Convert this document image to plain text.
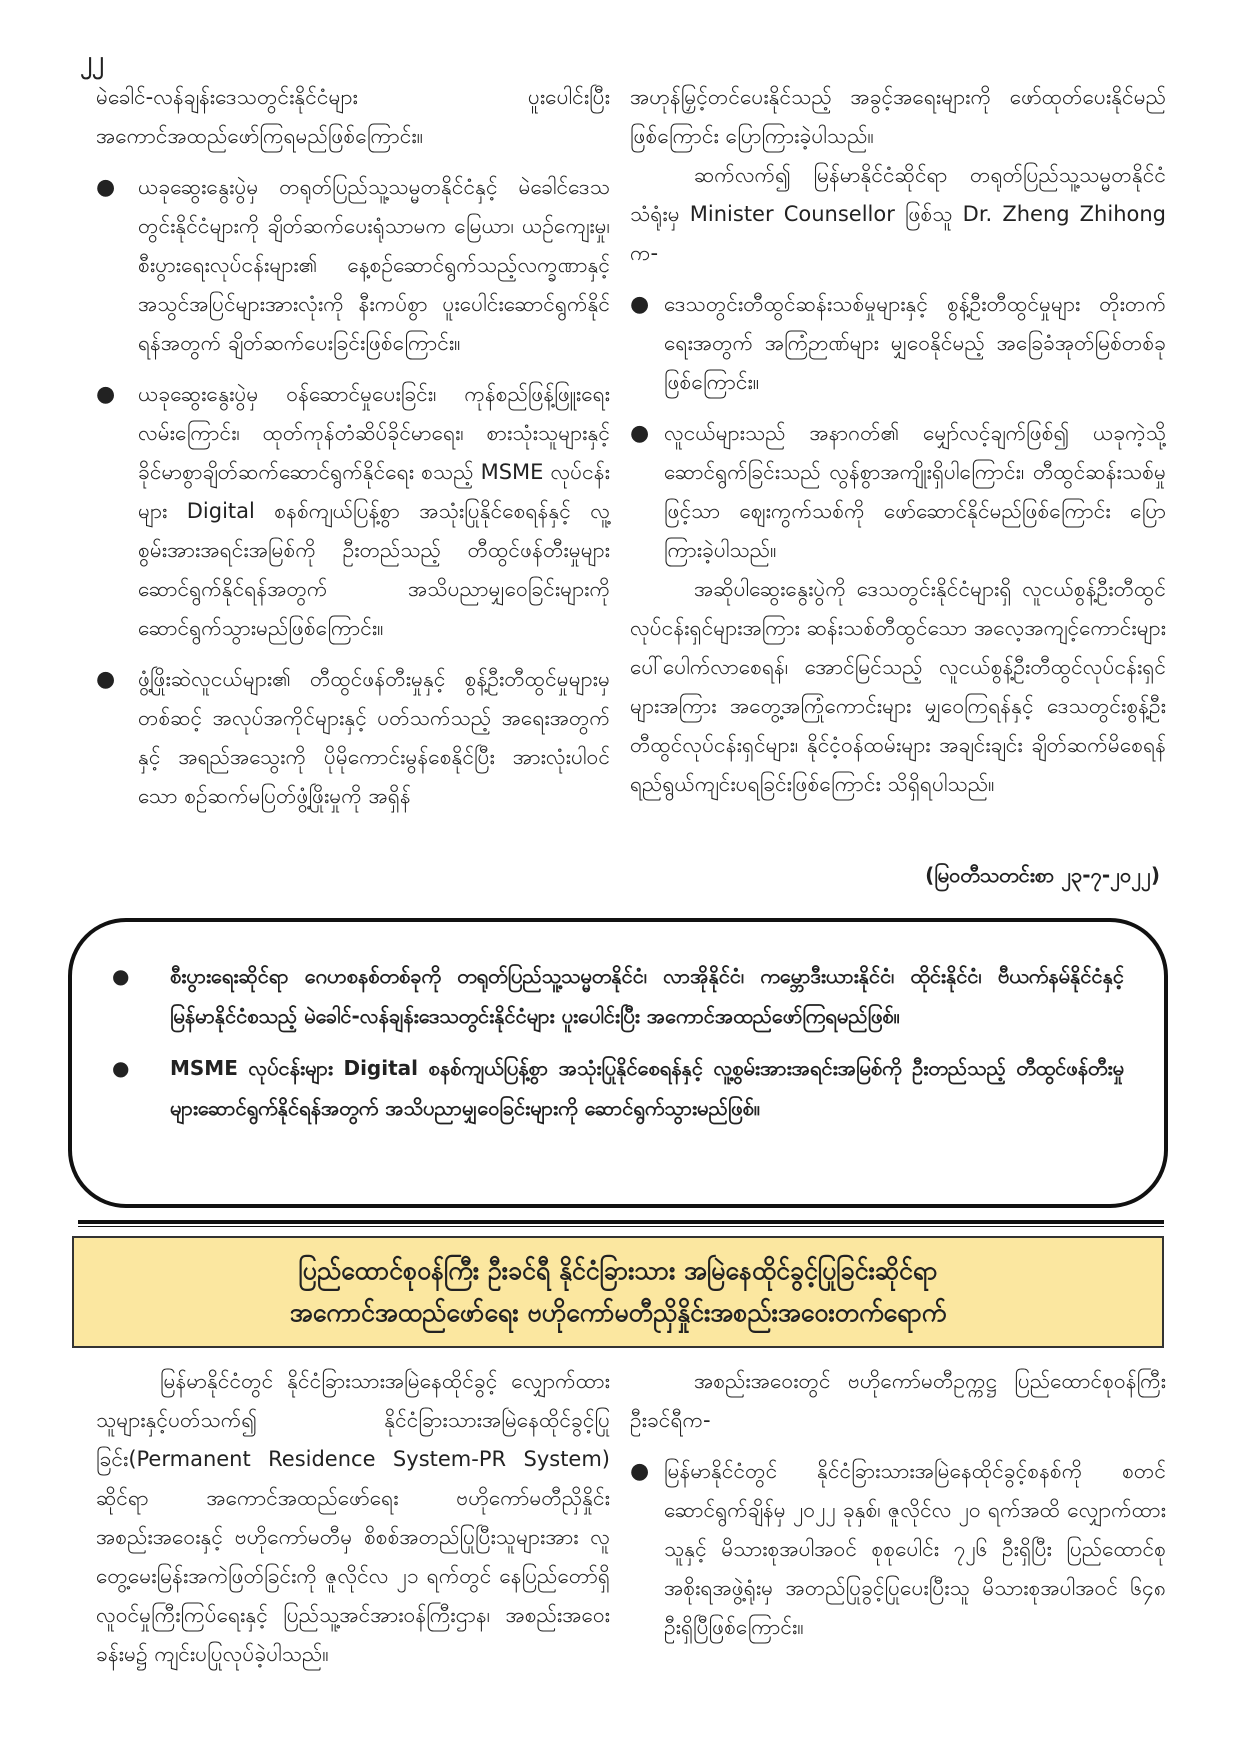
၂၂

မဲခေါင်-လန်ချန်းဒေသတွင်းနိုင်ငံများ ပူးပေါင်းပြီး အကောင်အထည်ဖော်ကြရမည်ဖြစ်ကြောင်း။

● ယခုဆွေးနွေးပွဲမှ တရုတ်ပြည်သူ့သမ္မတနိုင်ငံနှင့် မဲခေါင်ဒေသတွင်းနိုင်ငံများကို ချိတ်ဆက်ပေးရုံသာမက မြေယာ၊ ယဉ်ကျေးမှု၊ စီးပွားရေးလုပ်ငန်းများ၏ နေ့စဉ်ဆောင်ရွက်သည့်လက္ခဏာနှင့် အသွင်အပြင်များအားလုံးကို နီးကပ်စွာ ပူးပေါင်းဆောင်ရွက်နိုင်ရန်အတွက် ချိတ်ဆက်ပေးခြင်းဖြစ်ကြောင်း။
● ယခုဆွေးနွေးပွဲမှ ဝန်ဆောင်မှုပေးခြင်း၊ ကုန်စည်ဖြန့်ဖြူးရေးလမ်းကြောင်း၊ ထုတ်ကုန်တံဆိပ်ခိုင်မာရေး၊ စားသုံးသူများနှင့် ခိုင်မာစွာချိတ်ဆက်ဆောင်ရွက်နိုင်ရေး စသည့် MSME လုပ်ငန်းများ Digital စနစ်ကျယ်ပြန့်စွာ အသုံးပြုနိုင်စေရန်နှင့် လူ့စွမ်းအားအရင်းအမြစ်ကို ဦးတည်သည့် တီထွင်ဖန်တီးမှုများ ဆောင်ရွက်နိုင်ရန်အတွက် အသိပညာမျှဝေခြင်းများကို ဆောင်ရွက်သွားမည်ဖြစ်ကြောင်း။
● ဖွံ့ဖြိုးဆဲလူငယ်များ၏ တီထွင်ဖန်တီးမှုနှင့် စွန့်ဦးတီထွင်မှုများမှတစ်ဆင့် အလုပ်အကိုင်များနှင့် ပတ်သက်သည့် အရေးအတွက်နှင့် အရည်အသွေးကို ပိုမိုကောင်းမွန်စေနိုင်ပြီး အားလုံးပါဝင်သော စဉ်ဆက်မပြတ်ဖွံ့ဖြိုးမှုကို အရှိန်

အဟုန်မြှင့်တင်ပေးနိုင်သည့် အခွင့်အရေးများကို ဖော်ထုတ်ပေးနိုင်မည်ဖြစ်ကြောင်း ပြောကြားခဲ့ပါသည်။

ဆက်လက်၍ မြန်မာနိုင်ငံဆိုင်ရာ တရုတ်ပြည်သူ့သမ္မတနိုင်ငံသံရုံးမှ Minister Counsellor ဖြစ်သူ Dr. Zheng Zhihong က-

● ဒေသတွင်းတီထွင်ဆန်းသစ်မှုများနှင့် စွန့်ဦးတီထွင်မှုများ တိုးတက်ရေးအတွက် အကြံဉာဏ်များ မျှဝေနိုင်မည့် အခြေခံအုတ်မြစ်တစ်ခုဖြစ်ကြောင်း။
● လူငယ်များသည် အနာဂတ်၏ မျှော်လင့်ချက်ဖြစ်၍ ယခုကဲ့သို့ ဆောင်ရွက်ခြင်းသည် လွန်စွာအကျိုးရှိပါကြောင်း၊ တီထွင်ဆန်းသစ်မှုဖြင့်သာ ဈေးကွက်သစ်ကို ဖော်ဆောင်နိုင်မည်ဖြစ်ကြောင်း ပြောကြားခဲ့ပါသည်။

အဆိုပါဆွေးနွေးပွဲကို ဒေသတွင်းနိုင်ငံများရှိ လူငယ်စွန့်ဦးတီထွင်လုပ်ငန်းရှင်များအကြား ဆန်းသစ်တီထွင်သော အလေ့အကျင့်ကောင်းများ ပေါ်ပေါက်လာစေရန်၊ အောင်မြင်သည့် လူငယ်စွန့်ဦးတီထွင်လုပ်ငန်းရှင်များအကြား အတွေ့အကြုံကောင်းများ မျှဝေကြရန်နှင့် ဒေသတွင်းစွန့်ဦးတီထွင်လုပ်ငန်းရှင်များ၊ နိုင်ငံ့ဝန်ထမ်းများ အချင်းချင်း ချိတ်ဆက်မိစေရန် ရည်ရွယ်ကျင်းပရခြင်းဖြစ်ကြောင်း သိရှိရပါသည်။

(မြဝတီသတင်းစာ ၂၃-၇-၂၀၂၂)
● စီးပွားရေးဆိုင်ရာ ဂေဟစနစ်တစ်ခုကို တရုတ်ပြည်သူ့သမ္မတနိုင်ငံ၊ လာအိုနိုင်ငံ၊ ကမ္ဘောဒီးယားနိုင်ငံ၊ ထိုင်းနိုင်ငံ၊ ဗီယက်နမ်နိုင်ငံနှင့် မြန်မာနိုင်ငံစသည့် မဲခေါင်-လန်ချန်းဒေသတွင်းနိုင်ငံများ ပူးပေါင်းပြီး အကောင်အထည်ဖော်ကြရမည်ဖြစ်။
● MSME လုပ်ငန်းများ Digital စနစ်ကျယ်ပြန့်စွာ အသုံးပြုနိုင်စေရန်နှင့် လူ့စွမ်းအားအရင်းအမြစ်ကို ဦးတည်သည့် တီထွင်ဖန်တီးမှုများဆောင်ရွက်နိုင်ရန်အတွက် အသိပညာမျှဝေခြင်းများကို ဆောင်ရွက်သွားမည်ဖြစ်။
ပြည်ထောင်စုဝန်ကြီး ဦးခင်ရီ နိုင်ငံခြားသား အမြဲနေထိုင်ခွင့်ပြုခြင်းဆိုင်ရာ
အကောင်အထည်ဖော်ရေး ဗဟိုကော်မတီညှိနှိုင်းအစည်းအဝေးတက်ရောက်

မြန်မာနိုင်ငံတွင် နိုင်ငံခြားသားအမြဲနေထိုင်ခွင့် လျှောက်ထားသူများနှင့်ပတ်သက်၍ နိုင်ငံခြားသားအမြဲနေထိုင်ခွင့်ပြုခြင်း(Permanent Residence System-PR System) ဆိုင်ရာ အကောင်အထည်ဖော်ရေး ဗဟိုကော်မတီညှိနှိုင်းအစည်းအဝေးနှင့် ဗဟိုကော်မတီမှ စိစစ်အတည်ပြုပြီးသူများအား လူတွေ့မေးမြန်းအကဲဖြတ်ခြင်းကို ဇူလိုင်လ ၂၁ ရက်တွင် နေပြည်တော်ရှိ လူဝင်မှုကြီးကြပ်ရေးနှင့် ပြည်သူ့အင်အားဝန်ကြီးဌာန၊ အစည်းအဝေးခန်းမ၌ ကျင်းပပြုလုပ်ခဲ့ပါသည်။

အစည်းအဝေးတွင် ဗဟိုကော်မတီဥက္ကဋ္ဌ ပြည်ထောင်စုဝန်ကြီး ဦးခင်ရီက-

● မြန်မာနိုင်ငံတွင် နိုင်ငံခြားသားအမြဲနေထိုင်ခွင့်စနစ်ကို စတင်ဆောင်ရွက်ချိန်မှ ၂၀၂၂ ခုနှစ်၊ ဇူလိုင်လ ၂၀ ရက်အထိ လျှောက်ထားသူနှင့် မိသားစုအပါအဝင် စုစုပေါင်း ၇၂၆ ဦးရှိပြီး ပြည်ထောင်စုအစိုးရအဖွဲ့ရုံးမှ အတည်ပြုခွင့်ပြုပေးပြီးသူ မိသားစုအပါအဝင် ၆၄၈ ဦးရှိပြီဖြစ်ကြောင်း။
